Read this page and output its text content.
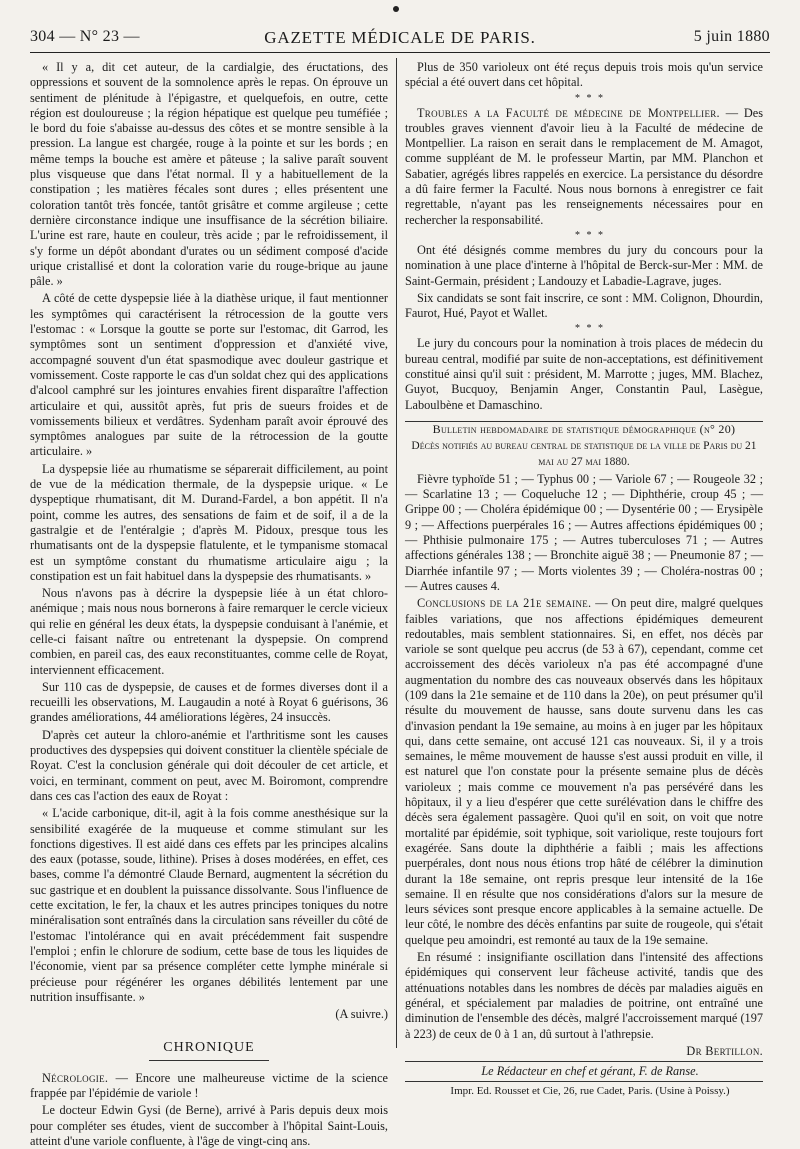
304 — N° 23 —	GAZETTE MÉDICALE DE PARIS.	5 juin 1880

« Il y a, dit cet auteur, de la cardialgie, des éructations, des oppressions et souvent de la somnolence après le repas. On éprouve un sentiment de plénitude à l'épigastre, et quelquefois, en outre, cette région est douloureuse ; la région hépatique est quelque peu tuméfiée ; le bord du foie s'abaisse au-dessus des côtes et se montre sensible à la pression. La langue est chargée, rouge à la pointe et sur les bords ; en même temps la bouche est amère et pâteuse ; la salive paraît souvent plus visqueuse que dans l'état normal. Il y a habituellement de la constipation ; les matières fécales sont dures ; elles présentent une coloration tantôt très foncée, tantôt grisâtre et comme argileuse ; cette dernière circonstance indique une insuffisance de la sécrétion biliaire. L'urine est rare, haute en couleur, très acide ; par le refroidissement, il s'y forme un dépôt abondant d'urates ou un sédiment composé d'acide urique cristallisé et dont la coloration varie du rouge-brique au jaune pâle. »

A côté de cette dyspepsie liée à la diathèse urique, il faut mentionner les symptômes qui caractérisent la rétrocession de la goutte vers l'estomac : « Lorsque la goutte se porte sur l'estomac, dit Garrod, les symptômes sont un sentiment d'oppression et d'anxiété vive, accompagné souvent d'un état spasmodique avec douleur gastrique et vomissement. Coste rapporte le cas d'un soldat chez qui des applications d'alcool camphré sur les jointures envahies firent disparaître l'affection articulaire et qui, aussitôt après, fut pris de sueurs froides et de vomissements bilieux et verdâtres. Sydenham paraît avoir éprouvé des symptômes analogues par suite de la rétrocession de la goutte articulaire. »

La dyspepsie liée au rhumatisme se séparerait difficilement, au point de vue de la médication thermale, de la dyspepsie urique. « Le dyspeptique rhumatisant, dit M. Durand-Fardel, a bon appétit. Il n'a point, comme les autres, des sensations de faim et de soif, il a de la gastralgie et de l'entéralgie ; d'après M. Pidoux, presque tous les rhumatisants ont de la dyspepsie flatulente, et le tympanisme stomacal est un symptôme constant du rhumatisme articulaire aigu ; la constipation est un fait habituel dans la dyspepsie des rhumatisants. »

Nous n'avons pas à décrire la dyspepsie liée à un état chloro-anémique ; mais nous nous bornerons à faire remarquer le cercle vicieux qui relie en général les deux états, la dyspepsie conduisant à l'anémie, et celle-ci faisant naître ou entretenant la dyspepsie. On comprend combien, en pareil cas, des eaux reconstituantes, comme celle de Royat, interviennent efficacement.

Sur 110 cas de dyspepsie, de causes et de formes diverses dont il a recueilli les observations, M. Laugaudin a noté à Royat 6 guérisons, 36 grandes améliorations, 44 améliorations légères, 24 insuccès.

D'après cet auteur la chloro-anémie et l'arthritisme sont les causes productives des dyspepsies qui doivent constituer la clientèle spéciale de Royat. C'est la conclusion générale qui doit découler de cet article, et voici, en terminant, comment on peut, avec M. Boiromont, comprendre dans ces cas l'action des eaux de Royat :

« L'acide carbonique, dit-il, agit à la fois comme anesthésique sur la sensibilité exagérée de la muqueuse et comme stimulant sur les fonctions digestives. Il est aidé dans ces effets par les principes alcalins des eaux (potasse, soude, lithine). Prises à doses modérées, en effet, ces bases, comme l'a démontré Claude Bernard, augmentent la sécrétion du suc gastrique et en doublent la puissance dissolvante. Sous l'influence de cette excitation, le fer, la chaux et les autres principes toniques du notre minéralisation sont entraînés dans la circulation sans réveiller du côté de l'estomac l'intolérance qui en avait précédemment fait suspendre l'emploi ; enfin le chlorure de sodium, cette base de tous les liquides de l'économie, vient par sa présence compléter cette lymphe minérale si précieuse pour régénérer les organes débilités lentement par une nutrition insuffisante. »

(A suivre.)

CHRONIQUE

Nécrologie. — Encore une malheureuse victime de la science frappée par l'épidémie de variole !

Le docteur Edwin Gysi (de Berne), arrivé à Paris depuis deux mois pour compléter ses études, vient de succomber à l'hôpital Saint-Louis, atteint d'une variole confluente, à l'âge de vingt-cinq ans.

Plus de 350 varioleux ont été reçus depuis trois mois qu'un service spécial a été ouvert dans cet hôpital.

* * *

Troubles a la Faculté de médecine de Montpellier. — Des troubles graves viennent d'avoir lieu à la Faculté de médecine de Montpellier. La raison en serait dans le remplacement de M. Amagot, comme suppléant de M. le professeur Martin, par MM. Planchon et Sabatier, agrégés libres rappelés en exercice. La persistance du désordre a dû faire fermer la Faculté. Nous nous bornons à enregistrer ce fait regrettable, n'ayant pas les renseignements nécessaires pour en rechercher la responsabilité.

* * *

Ont été désignés comme membres du jury du concours pour la nomination à une place d'interne à l'hôpital de Berck-sur-Mer : MM. de Saint-Germain, président ; Landouzy et Labadie-Lagrave, juges.

Six candidats se sont fait inscrire, ce sont : MM. Colignon, Dhourdin, Faurot, Hué, Payot et Wallet.

* * *

Le jury du concours pour la nomination à trois places de médecin du bureau central, modifié par suite de non-acceptations, est définitivement constitué ainsi qu'il suit : président, M. Marrotte ; juges, MM. Blachez, Guyot, Bucquoy, Benjamin Anger, Constantin Paul, Lasègue, Laboulbène et Damaschino.

Bulletin hebdomadaire de statistique démographique (n° 20)

Décès notifiés au bureau central de statistique de la ville de Paris du 21 mai au 27 mai 1880.

Fièvre typhoïde 51 ; — Typhus 00 ; — Variole 67 ; — Rougeole 32 ; — Scarlatine 13 ; — Coqueluche 12 ; — Diphthérie, croup 45 ; — Grippe 00 ; — Choléra épidémique 00 ; — Dysentérie 00 ; — Erysipèle 9 ; — Affections puerpérales 16 ; — Autres affections épidémiques 00 ; — Phthisie pulmonaire 175 ; — Autres tuberculoses 71 ; — Autres affections générales 138 ; — Bronchite aiguë 38 ; — Pneumonie 87 ; — Diarrhée infantile 97 ; — Morts violentes 39 ; — Choléra-nostras 00 ; — Autres causes 4.

Conclusions de la 21e semaine. — On peut dire, malgré quelques faibles variations, que nos affections épidémiques demeurent redoutables, mais semblent stationnaires. Si, en effet, nos décès par variole se sont quelque peu accrus (de 53 à 67), cependant, comme cet accroissement des décès varioleux n'a pas été accompagné d'une augmentation du nombre des cas nouveaux observés dans les hôpitaux (109 dans la 21e semaine et de 110 dans la 20e), on peut présumer qu'il résulte du mouvement de hausse, sans doute survenu dans les cas d'invasion pendant la 19e semaine, au moins à en juger par les hôpitaux qui, dans cette semaine, ont accusé 121 cas nouveaux. Si, il y a trois semaines, le même mouvement de hausse s'est aussi produit en ville, il est naturel que l'on constate pour la présente semaine plus de décès varioleux ; mais comme ce mouvement n'a pas persévéré dans les hôpitaux, il y a lieu d'espérer que cette surélévation dans le chiffre des décès sera également passagère. Quoi qu'il en soit, on voit que notre mortalité par épidémie, soit typhique, soit variolique, reste toujours fort exagérée. Sans doute la diphthérie a faibli ; mais les affections puerpérales, dont nous nous étions trop hâté de célébrer la diminution durant la 18e semaine, ont repris presque leur intensité de la 16e semaine. Il en résulte que nos considérations d'alors sur la mesure de leurs sévices sont presque encore applicables à la semaine actuelle. De leur côté, le nombre des décès enfantins par suite de rougeole, qui s'était quelque peu amoindri, est remonté au taux de la 19e semaine.

En résumé : insignifiante oscillation dans l'intensité des affections épidémiques qui conservent leur fâcheuse activité, tandis que des atténuations notables dans les nombres de décès par maladies aiguës en général, et spécialement par maladies de poitrine, ont entraîné une diminution de l'ensemble des décès, malgré l'accroissement marqué (197 à 223) de ceux de 0 à 1 an, dû surtout à l'athrepsie.

Dr Bertillon.

Le Rédacteur en chef et gérant, F. de Ranse.

Impr. Ed. Rousset et Cie, 26, rue Cadet, Paris. (Usine à Poissy.)
